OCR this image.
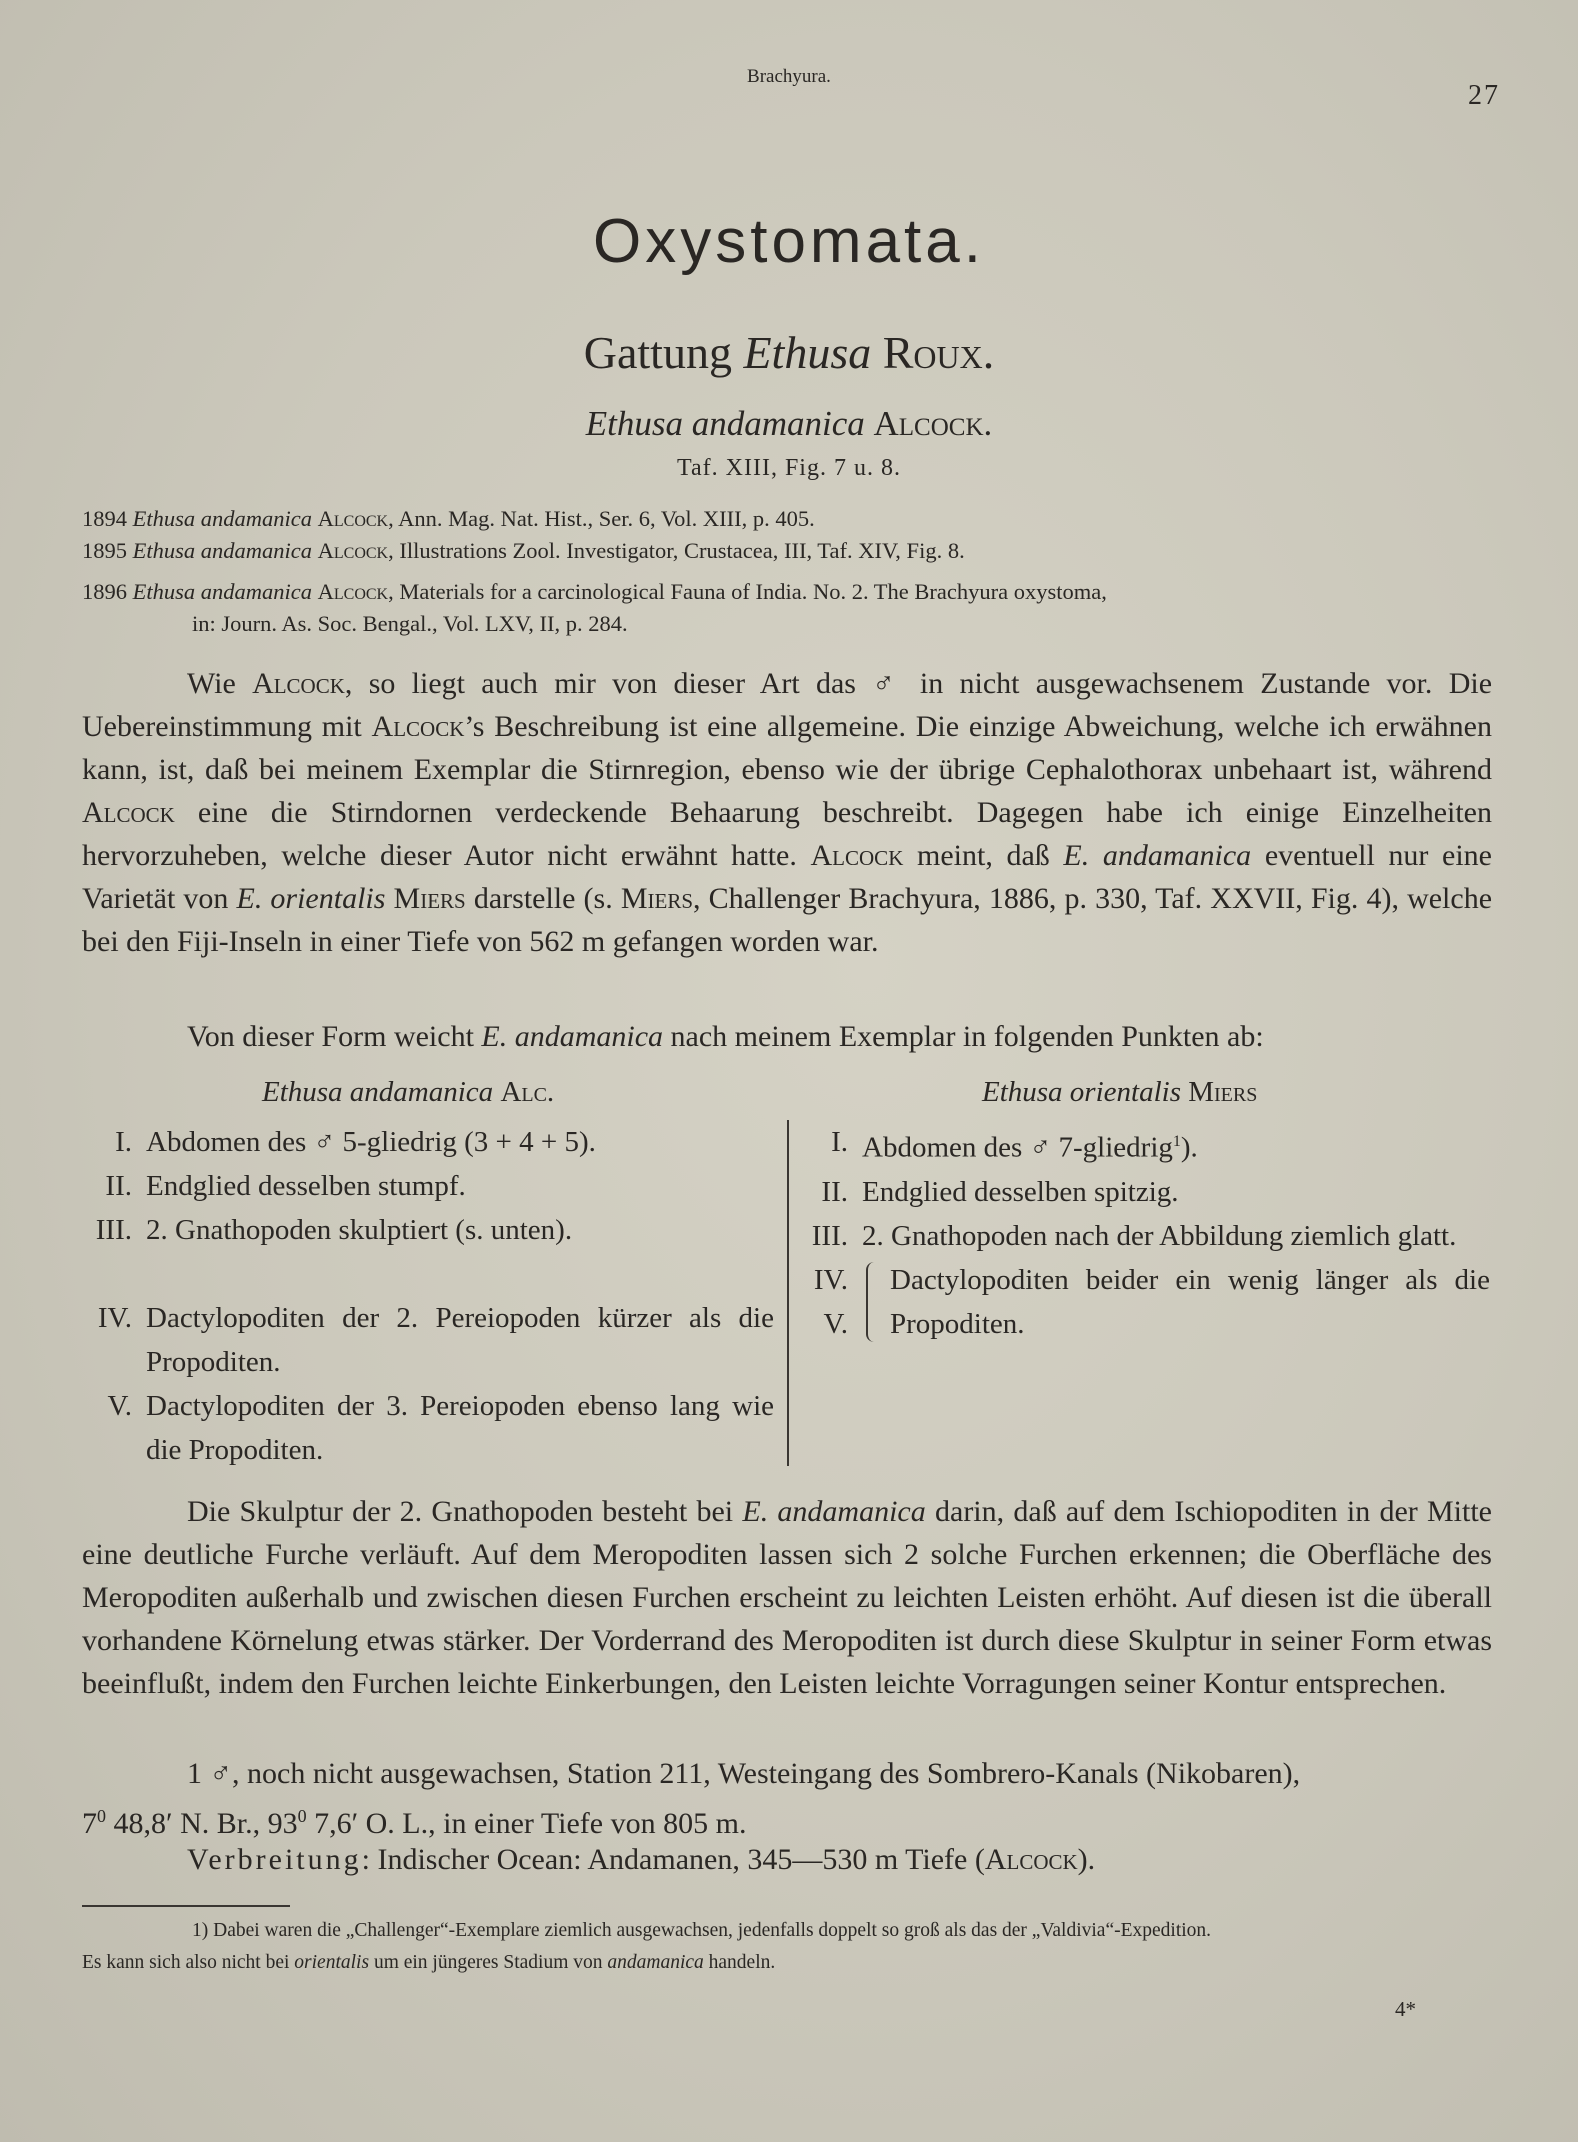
Brachyura.
27
Oxystomata.
Gattung Ethusa Roux.
Ethusa andamanica Alcock.
Taf. XIII, Fig. 7 u. 8.
1894 Ethusa andamanica Alcock, Ann. Mag. Nat. Hist., Ser. 6, Vol. XIII, p. 405.
1895 Ethusa andamanica Alcock, Illustrations Zool. Investigator, Crustacea, III, Taf. XIV, Fig. 8.
1896 Ethusa andamanica Alcock, Materials for a carcinological Fauna of India. No. 2. The Brachyura oxystoma,
in: Journ. As. Soc. Bengal., Vol. LXV, II, p. 284.

Wie Alcock, so liegt auch mir von dieser Art das ♂ in nicht ausgewachsenem Zustande vor. Die Uebereinstimmung mit Alcock’s Beschreibung ist eine allgemeine. Die einzige Abweichung, welche ich erwähnen kann, ist, daß bei meinem Exemplar die Stirnregion, ebenso wie der übrige Cephalothorax unbehaart ist, während Alcock eine die Stirndornen verdeckende Behaarung beschreibt. Dagegen habe ich einige Einzelheiten hervorzuheben, welche dieser Autor nicht erwähnt hatte. Alcock meint, daß E. andamanica eventuell nur eine Varietät von E. orientalis Miers darstelle (s. Miers, Challenger Brachyura, 1886, p. 330, Taf. XXVII, Fig. 4), welche bei den Fiji-Inseln in einer Tiefe von 562 m gefangen worden war.

Von dieser Form weicht E. andamanica nach meinem Exemplar in folgenden Punkten ab:

Ethusa andamanica Alc.	Ethusa orientalis Miers
I. Abdomen des ♂ 5-gliedrig (3 + 4 + 5).
II. Endglied desselben stumpf.
III. 2. Gnathopoden skulptiert (s. unten).
IV. Dactylopoditen der 2. Pereiopoden kürzer als die Propoditen.
V. Dactylopoditen der 3. Pereiopoden ebenso lang wie die Propoditen.
I. Abdomen des ♂ 7-gliedrig$^1$).
II. Endglied desselben spitzig.
III. 2. Gnathopoden nach der Abbildung ziemlich glatt.
IV.
V.
Dactylopoditen beider ein wenig länger als die Propoditen.

Die Skulptur der 2. Gnathopoden besteht bei E. andamanica darin, daß auf dem Ischiopoditen in der Mitte eine deutliche Furche verläuft. Auf dem Meropoditen lassen sich 2 solche Furchen erkennen; die Oberfläche des Meropoditen außerhalb und zwischen diesen Furchen erscheint zu leichten Leisten erhöht. Auf diesen ist die überall vorhandene Körnelung etwas stärker. Der Vorderrand des Meropoditen ist durch diese Skulptur in seiner Form etwas beeinflußt, indem den Furchen leichte Einkerbungen, den Leisten leichte Vorragungen seiner Kontur entsprechen.

1 ♂, noch nicht ausgewachsen, Station 211, Westeingang des Sombrero-Kanals (Nikobaren),

$7^0$ 48,8′ N. Br., $93^0$ 7,6′ O. L., in einer Tiefe von 805 m.

Verbreitung: Indischer Ocean: Andamanen, 345—530 m Tiefe (Alcock).

1) Dabei waren die „Challenger“-Exemplare ziemlich ausgewachsen, jedenfalls doppelt so groß als das der „Valdivia“-Expedition.
Es kann sich also nicht bei orientalis um ein jüngeres Stadium von andamanica handeln.
4*
